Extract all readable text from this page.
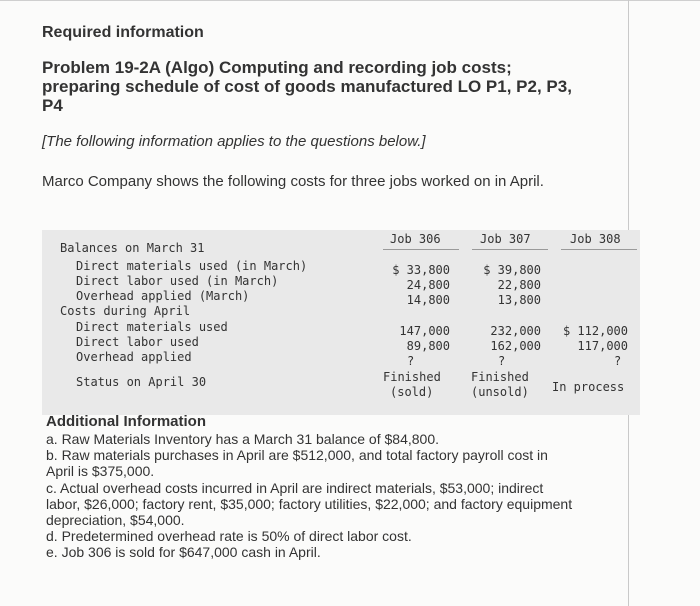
Required information
Problem 19-2A (Algo) Computing and recording job costs; preparing schedule of cost of goods manufactured LO P1, P2, P3, P4
[The following information applies to the questions below.]
Marco Company shows the following costs for three jobs worked on in April.
Job 306	Job 307	Job 308
Balances on March 31
Direct materials used (in March)
Direct labor used (in March)
Overhead applied (March)
Costs during April
Direct materials used
Direct labor used
Overhead applied
Status on April 30
$ 33,800
24,800
14,800
147,000
89,800
?
Finished
(sold)
$ 39,800
22,800
13,800
232,000
162,000
?
Finished
(unsold)
$ 112,000
117,000
?
In process
Additional Information
a. Raw Materials Inventory has a March 31 balance of $84,800.
b. Raw materials purchases in April are $512,000, and total factory payroll cost in April is $375,000.
c. Actual overhead costs incurred in April are indirect materials, $53,000; indirect labor, $26,000; factory rent, $35,000; factory utilities, $22,000; and factory equipment depreciation, $54,000.
d. Predetermined overhead rate is 50% of direct labor cost.
e. Job 306 is sold for $647,000 cash in April.
